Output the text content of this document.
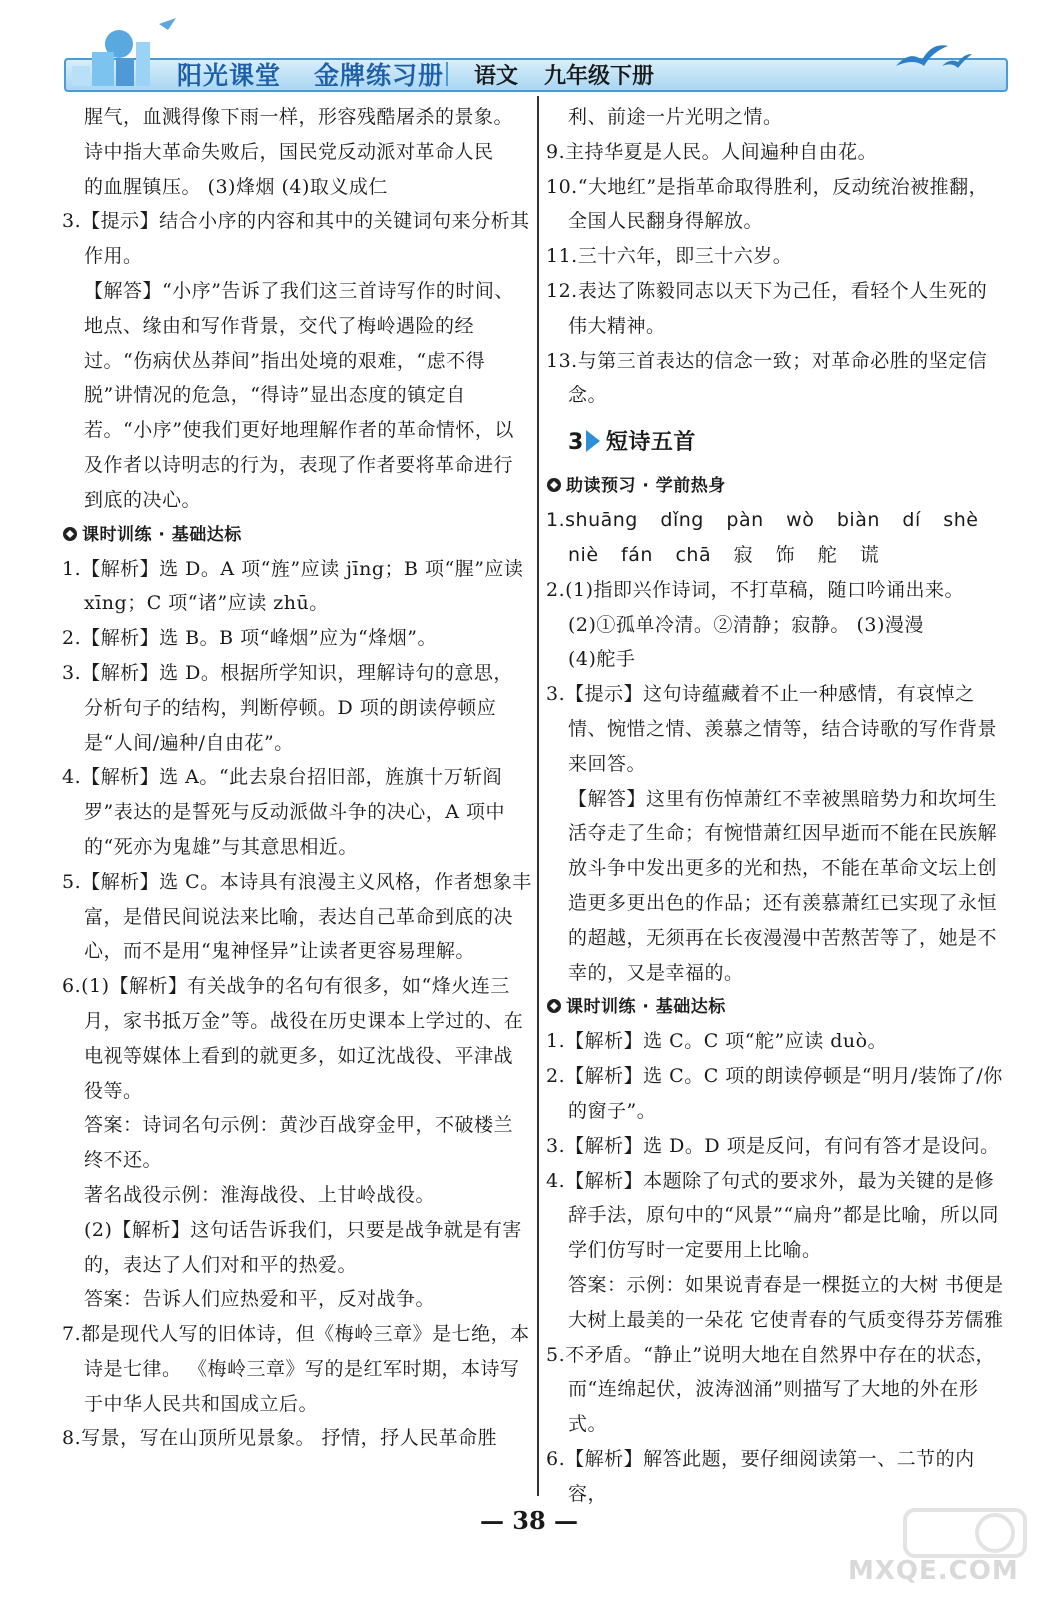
阳光课堂 金牌练习册 语文 九年级下册

腥气，血溅得像下雨一样，形容残酷屠杀的景象。

诗中指大革命失败后，国民党反动派对革命人民

的血腥镇压。 (3)烽烟 (4)取义成仁

3.【提示】结合小序的内容和其中的关键词句来分析其作用。

【解答】“小序”告诉了我们这三首诗写作的时间、地点、缘由和写作背景，交代了梅岭遇险的经过。“伤病伏丛莽间”指出处境的艰难，“虑不得脱”讲情况的危急，“得诗”显出态度的镇定自若。“小序”使我们更好地理解作者的革命情怀，以及作者以诗明志的行为，表现了作者要将革命进行到底的决心。

课时训练 · 基础达标

1.【解析】选 D。A 项“旌”应读 jīng；B 项“腥”应读 xīng；C 项“诸”应读 zhū。

2.【解析】选 B。B 项“峰烟”应为“烽烟”。

3.【解析】选 D。根据所学知识，理解诗句的意思，分析句子的结构，判断停顿。D 项的朗读停顿应是“人间/遍种/自由花”。

4.【解析】选 A。“此去泉台招旧部，旌旗十万斩阎罗”表达的是誓死与反动派做斗争的决心，A 项中的“死亦为鬼雄”与其意思相近。

5.【解析】选 C。本诗具有浪漫主义风格，作者想象丰富，是借民间说法来比喻，表达自己革命到底的决心，而不是用“鬼神怪异”让读者更容易理解。

6.(1)【解析】有关战争的名句有很多，如“烽火连三月，家书抵万金”等。战役在历史课本上学过的、在电视等媒体上看到的就更多，如辽沈战役、平津战役等。

答案：诗词名句示例：黄沙百战穿金甲，不破楼兰终不还。

著名战役示例：淮海战役、上甘岭战役。

(2)【解析】这句话告诉我们，只要是战争就是有害的，表达了人们对和平的热爱。

答案：告诉人们应热爱和平，反对战争。

7.都是现代人写的旧体诗，但《梅岭三章》是七绝，本诗是七律。 《梅岭三章》写的是红军时期，本诗写于中华人民共和国成立后。

8.写景，写在山顶所见景象。 抒情，抒人民革命胜

利、前途一片光明之情。

9.主持华夏是人民。人间遍种自由花。

10.“大地红”是指革命取得胜利，反动统治被推翻，全国人民翻身得解放。

11.三十六年，即三十六岁。

12.表达了陈毅同志以天下为己任，看轻个人生死的伟大精神。

13.与第三首表达的信念一致；对革命必胜的坚定信念。

3 短诗五首

助读预习 · 学前热身

1.shuāng dǐng pàn wò biàn dí shè niè fán chā 寂 饰 舵 谎

2.(1)指即兴作诗词，不打草稿，随口吟诵出来。

(2)①孤单冷清。②清静；寂静。 (3)漫漫

(4)舵手

3.【提示】这句诗蕴藏着不止一种感情，有哀悼之情、惋惜之情、羡慕之情等，结合诗歌的写作背景来回答。

【解答】这里有伤悼萧红不幸被黑暗势力和坎坷生活夺走了生命；有惋惜萧红因早逝而不能在民族解放斗争中发出更多的光和热，不能在革命文坛上创造更多更出色的作品；还有羡慕萧红已实现了永恒的超越，无须再在长夜漫漫中苦熬苦等了，她是不幸的，又是幸福的。

课时训练 · 基础达标

1.【解析】选 C。C 项“舵”应读 duò。

2.【解析】选 C。C 项的朗读停顿是“明月/装饰了/你的窗子”。

3.【解析】选 D。D 项是反问，有问有答才是设问。

4.【解析】本题除了句式的要求外，最为关键的是修辞手法，原句中的“风景”“扁舟”都是比喻，所以同学们仿写时一定要用上比喻。

答案：示例：如果说青春是一棵挺立的大树 书便是大树上最美的一朵花 它使青春的气质变得芬芳儒雅

5.不矛盾。“静止”说明大地在自然界中存在的状态，而“连绵起伏，波涛汹涌”则描写了大地的外在形式。

6.【解析】解答此题，要仔细阅读第一、二节的内容，

— 38 —
MXQE.COM
